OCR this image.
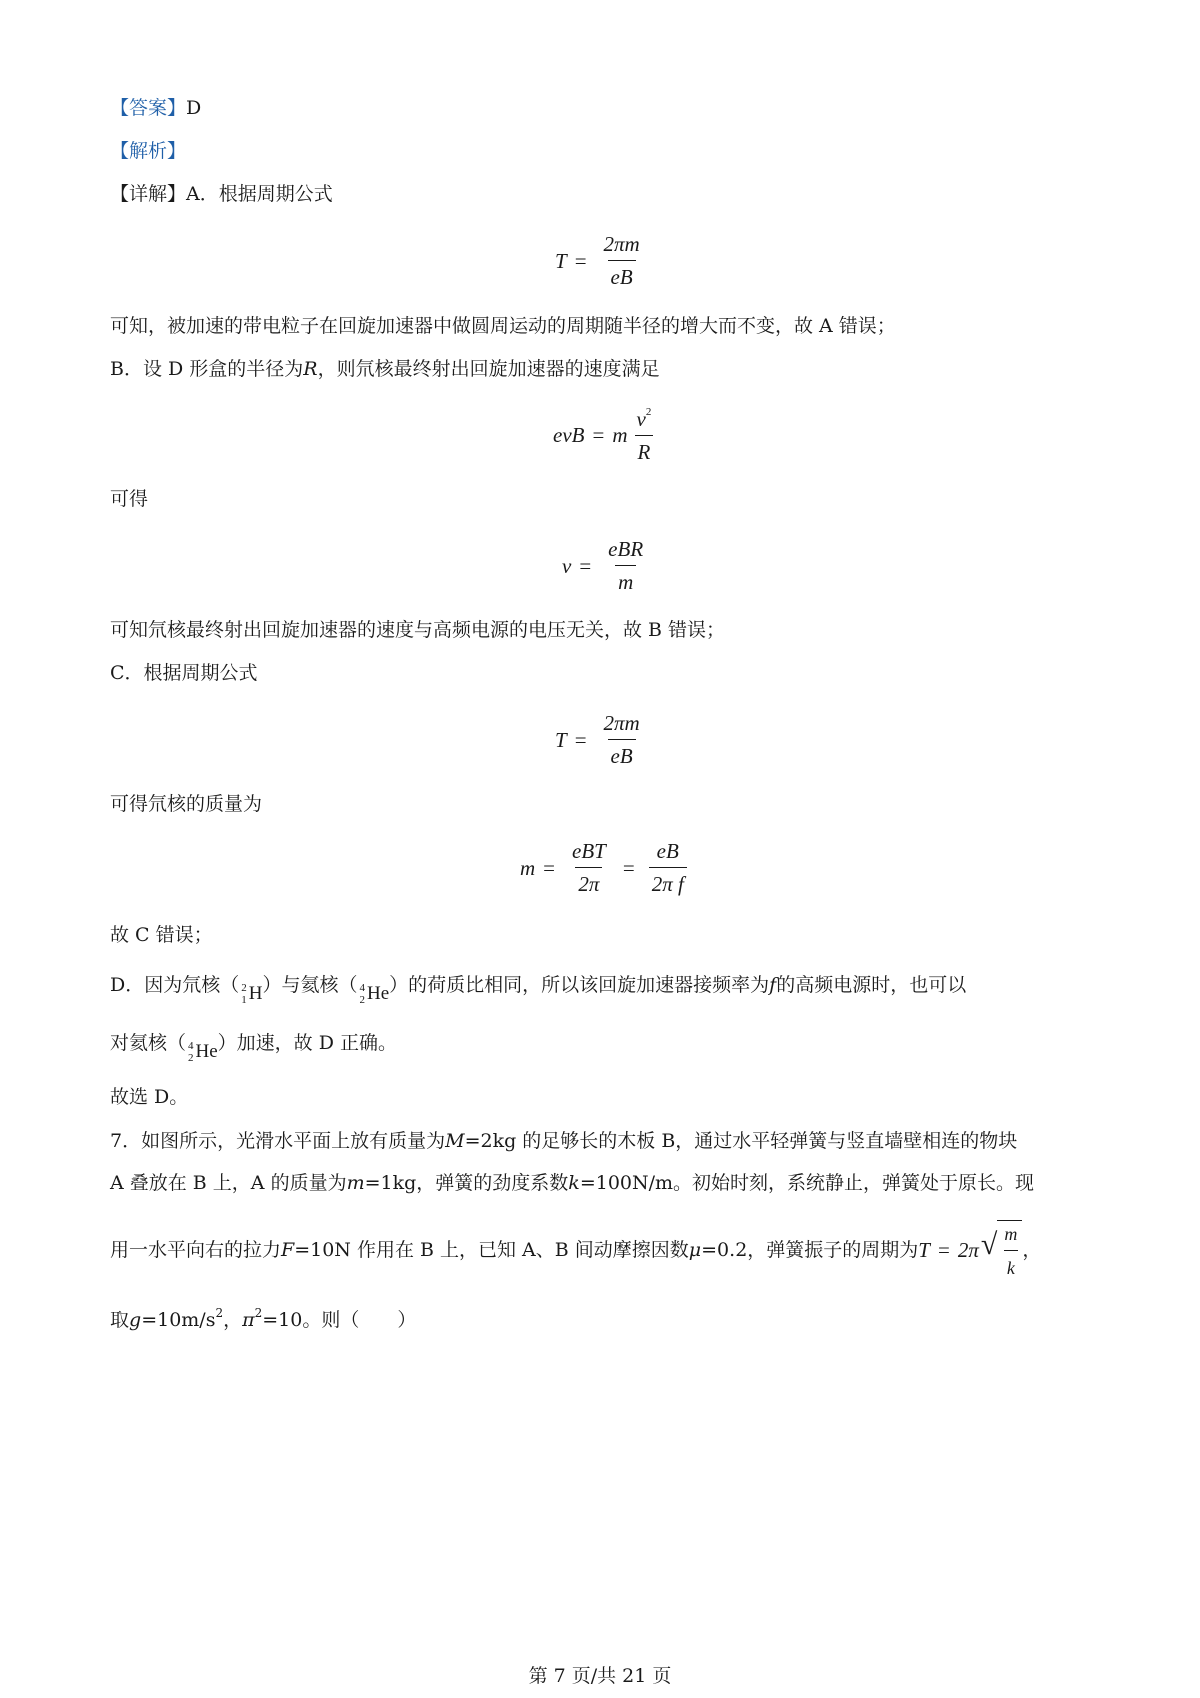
【答案】D
【解析】
【详解】A．根据周期公式
$T = \frac{2\pi m}{eB}$
可知，被加速的带电粒子在回旋加速器中做圆周运动的周期随半径的增大而不变，故 A 错误；
B．设 D 形盒的半径为R，则氘核最终射出回旋加速器的速度满足
evB = m $\frac{v^2}{R}$
可得
$v = \frac{\text{eBR}}{m}$
可知氘核最终射出回旋加速器的速度与高频电源的电压无关，故 B 错误；
C．根据周期公式
$T = \frac{2\pi m}{eB}$
可得氘核的质量为
$m = \frac{\text{eBT}}{2\pi} = \frac{eB}{\text{2π f}}$
故 C 错误；
D．因为氘核（ 2
1 H ）与氦核（ 4
2 He ）的荷质比相同，所以该回旋加速器接频率为f的高频电源时，也可以
对氦核（ 4
2 He ）加速，故 D 正确。
故选 D。
7．如图所示，光滑水平面上放有质量为M=2kg 的足够长的木板 B，通过水平轻弹簧与竖直墙壁相连的物块
A 叠放在 B 上，A 的质量为m=1kg，弹簧的劲度系数k=100N/m。初始时刻，系统静止，弹簧处于原长。现
用一水平向右的拉力 F =10N 作用在 B 上，已知 A、B 间动摩擦因数 μ =0.2，弹簧振子的周期为 T = 2π √ $\frac{m}{k}$ ，
取$g=10m/s^2$，$\pi^2=10$。则（　　）
第 7 页/共 21 页
